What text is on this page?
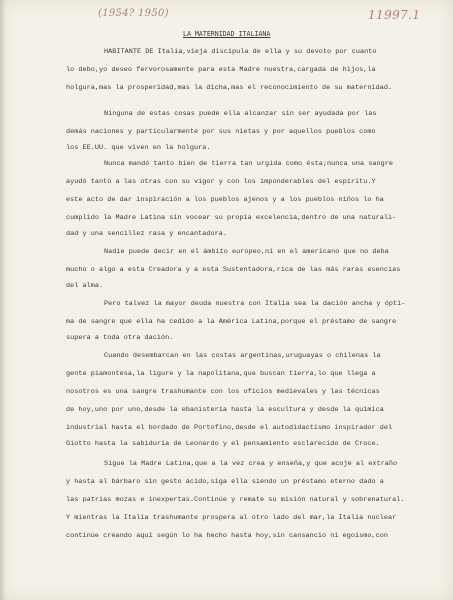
(1954? 1950)	11997.1
LA MATERNIDAD ITALIANA
HABITANTE DE Italia,vieja discípula de ella y su devoto por cuanto
lo debo,yo deseo fervorosamente para esta Madre nuestra,cargada de hijos,la
holgura,mas la prosperidad,mas la dicha,mas el reconocimiento de su maternidad.
Ninguna de estas cosas puede ella alcanzar sin ser ayudada por las
demás naciones y particularmente por sus nietas y por aquellos pueblos como
los EE.UU. que viven en la holgura.
Nunca mandó tanto bien de tierra tan urgida como ésta;nunca una sangre
ayudó tanto a las otras con su vigor y con los imponderables del espíritu.Y
este acto de dar inspiración a los pueblos ajenos y a los pueblos niños lo ha
cumplido la Madre Latina sin vocear su propia excelencia,dentro de una naturali-
dad y una sencillez rasa y encantadora.
Nadie puede decir en el ámbito europeo,ni en el americano que no deba
mucho o algo a esta Creadora y a esta Sustentadora,rica de las más raras esencias
del alma.
Pero talvez la mayor deuda nuestra con Italia sea la dación ancha y ópti-
ma de sangre que ella ha cedido a la América Latina,porque el préstamo de sangre
supera a toda otra dación.
Cuando desembarcan en las costas argentinas,uruguayas o chilenas la
gente piamontesa,la ligure y la napolitana,que buscan tierra,lo que llega a
nosotros es una sangre trashumante con los oficios medievales y las técnicas
de hoy,uno por uno,desde la ebanistería hasta la escultura y desde la química
industrial hasta el bordado de Portofino,desde el autodidactismo inspirador del
Giotto hasta la sabiduría de Leonardo y el pensamiento esclarecido de Croce.
Sigue la Madre Latina,que a la vez crea y enseña,y que acoje al extraño
y hasta al bárbaro sin gesto ácido,siga ella siendo un préstamo eterno dado a
las patrias mozas e inexpertas.Continúe y remate su misión natural y sobrenatural.
Y mientras la Italia trashumante prospera al otro lado del mar,la Italia nuclear
continúe creando aquí según lo ha hecho hasta hoy,sin cansancio ni egoísmo,con
